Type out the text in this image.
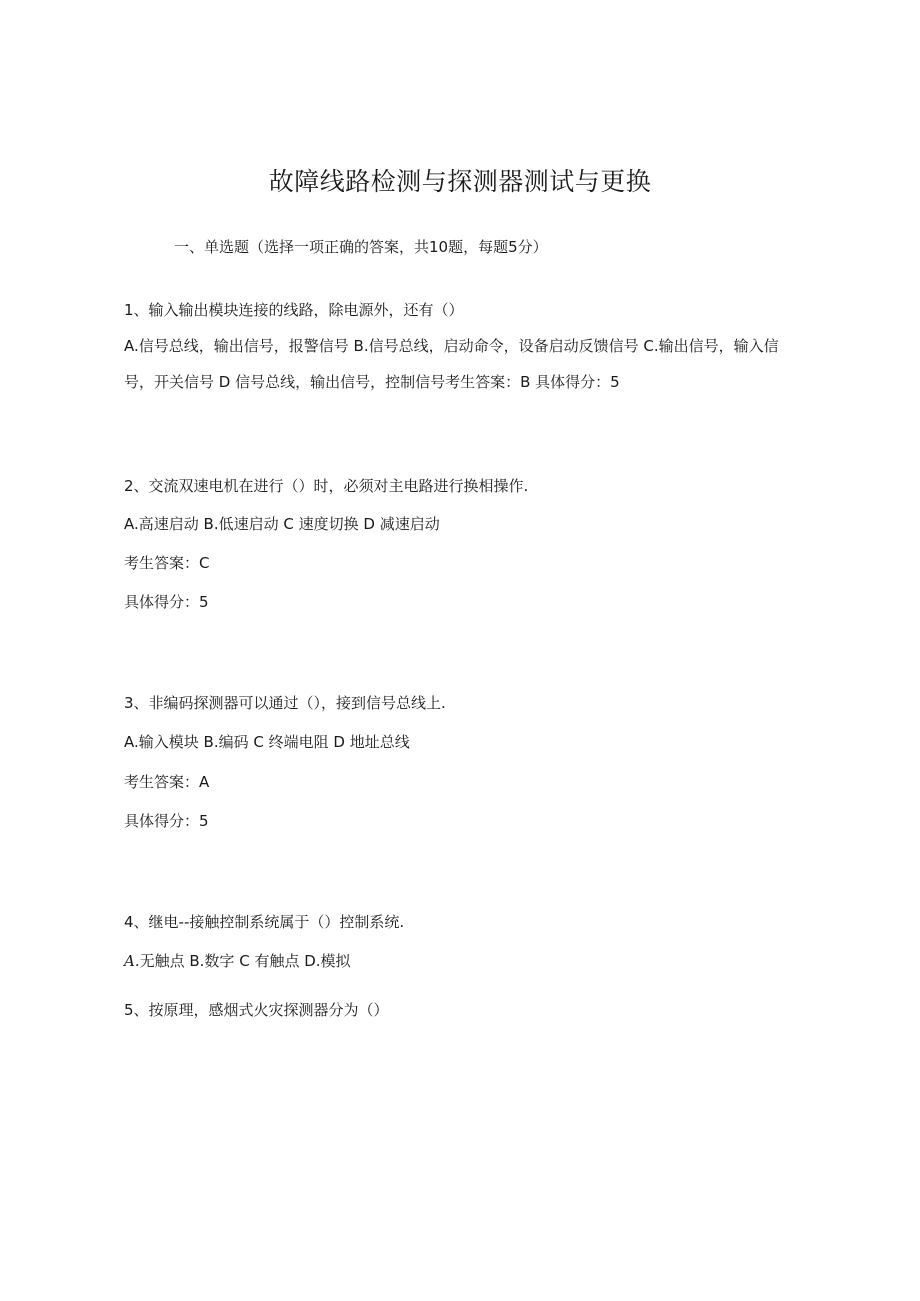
故障线路检测与探测器测试与更换
一、单选题（选择一项正确的答案，共10题，每题5分）
1、输入输出模块连接的线路，除电源外，还有（）
A.信号总线，输出信号，报警信号 B.信号总线，启动命令，设备启动反馈信号 C.输出信号，输入信号，开关信号 D 信号总线，输出信号，控制信号考生答案：B 具体得分：5
2、交流双速电机在进行（）时，必须对主电路进行换相操作.
A.高速启动 B.低速启动 C 速度切换 D 减速启动
考生答案：C
具体得分：5
3、非编码探测器可以通过（），接到信号总线上.
A.输入模块 B.编码 C 终端电阻 D 地址总线
考生答案：A
具体得分：5
4、继电--接触控制系统属于（）控制系统.
A.无触点 B.数字 C 有触点 D.模拟
5、按原理，感烟式火灾探测器分为（）
